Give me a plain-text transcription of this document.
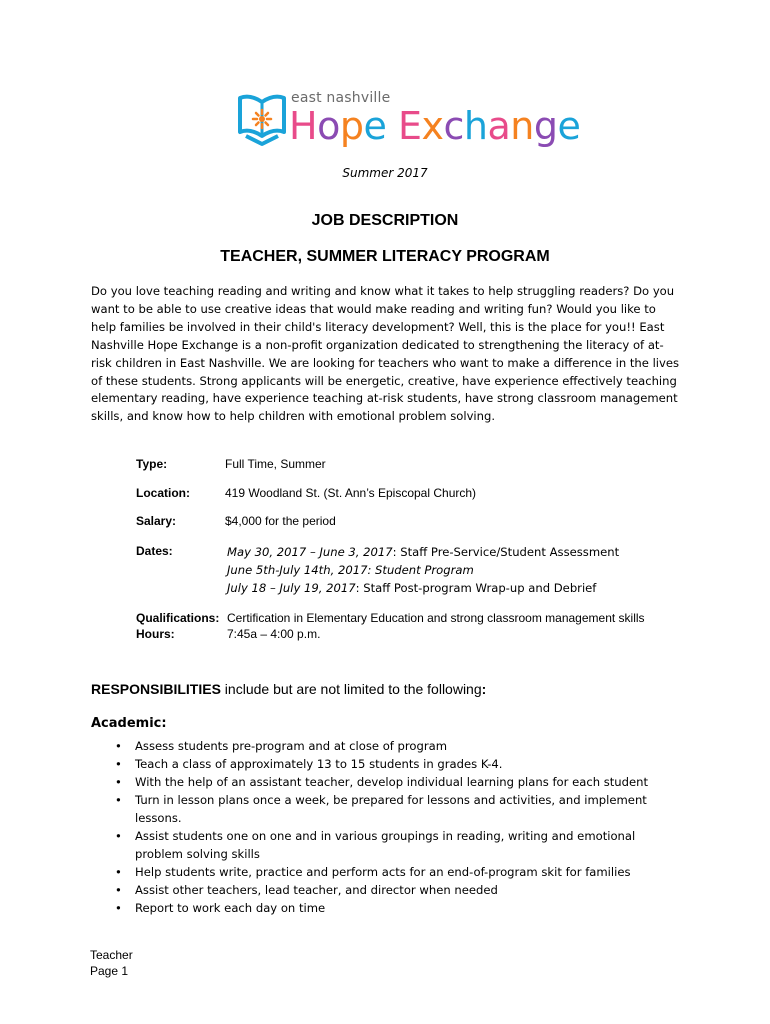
east nashville
Hope Exchange
Summer 2017
JOB DESCRIPTION
TEACHER, SUMMER LITERACY PROGRAM
Do you love teaching reading and writing and know what it takes to help struggling readers? Do you want to be able to use creative ideas that would make reading and writing fun? Would you like to help families be involved in their child's literacy development? Well, this is the place for you!! East Nashville Hope Exchange is a non-profit organization dedicated to strengthening the literacy of at-risk children in East Nashville. We are looking for teachers who want to make a difference in the lives of these students. Strong applicants will be energetic, creative, have experience effectively teaching elementary reading, have experience teaching at-risk students, have strong classroom management skills, and know how to help children with emotional problem solving.
Type:	Full Time, Summer
Location:	419 Woodland St. (St. Ann’s Episcopal Church)
Salary:	$4,000 for the period
Dates:	May 30, 2017 – June 3, 2017: Staff Pre-Service/Student Assessment
June 5th-July 14th, 2017: Student Program
July 18 – July 19, 2017: Staff Post-program Wrap-up and Debrief
Qualifications: Certification in Elementary Education and strong classroom management skills
Hours:	7:45a – 4:00 p.m.
RESPONSIBILITIES include but are not limited to the following:
Academic:
• Assess students pre-program and at close of program
• Teach a class of approximately 13 to 15 students in grades K-4.
• With the help of an assistant teacher, develop individual learning plans for each student
• Turn in lesson plans once a week, be prepared for lessons and activities, and implement lessons.
• Assist students one on one and in various groupings in reading, writing and emotional problem solving skills
• Help students write, practice and perform acts for an end-of-program skit for families
• Assist other teachers, lead teacher, and director when needed
• Report to work each day on time
Teacher
Page 1
